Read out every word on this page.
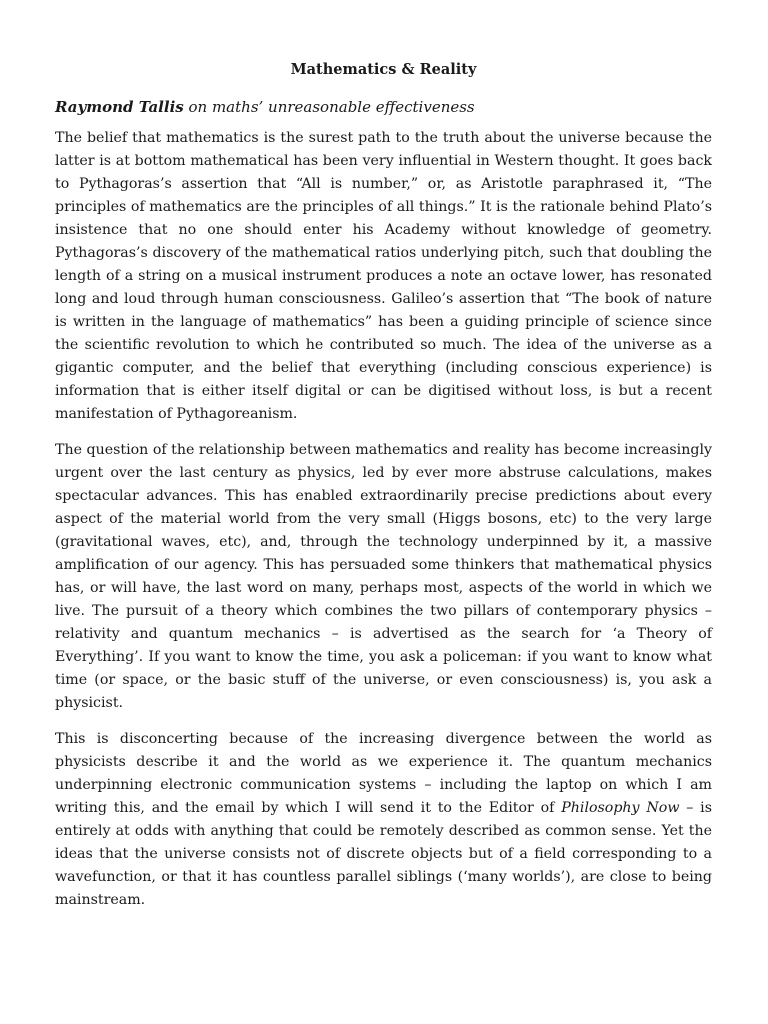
Mathematics & Reality
Raymond Tallis on maths’ unreasonable effectiveness

The belief that mathematics is the surest path to the truth about the universe because the latter is at bottom mathematical has been very influential in Western thought. It goes back to Pythagoras’s assertion that “All is number,” or, as Aristotle paraphrased it, “The principles of mathematics are the principles of all things.” It is the rationale behind Plato’s insistence that no one should enter his Academy without knowledge of geometry. Pythagoras’s discovery of the mathematical ratios underlying pitch, such that doubling the length of a string on a musical instrument produces a note an octave lower, has resonated long and loud through human consciousness. Galileo’s assertion that “The book of nature is written in the language of mathematics” has been a guiding principle of science since the scientific revolution to which he contributed so much. The idea of the universe as a gigantic computer, and the belief that everything (including conscious experience) is information that is either itself digital or can be digitised without loss, is but a recent manifestation of Pythagoreanism.

The question of the relationship between mathematics and reality has become increasingly urgent over the last century as physics, led by ever more abstruse calculations, makes spectacular advances. This has enabled extraordinarily precise predictions about every aspect of the material world from the very small (Higgs bosons, etc) to the very large (gravitational waves, etc), and, through the technology underpinned by it, a massive amplification of our agency. This has persuaded some thinkers that mathematical physics has, or will have, the last word on many, perhaps most, aspects of the world in which we live. The pursuit of a theory which combines the two pillars of contemporary physics – relativity and quantum mechanics – is advertised as the search for ‘a Theory of Everything’. If you want to know the time, you ask a policeman: if you want to know what time (or space, or the basic stuff of the universe, or even consciousness) is, you ask a physicist.

This is disconcerting because of the increasing divergence between the world as physicists describe it and the world as we experience it. The quantum mechanics underpinning electronic communication systems – including the laptop on which I am writing this, and the email by which I will send it to the Editor of Philosophy Now – is entirely at odds with anything that could be remotely described as common sense. Yet the ideas that the universe consists not of discrete objects but of a field corresponding to a wavefunction, or that it has countless parallel siblings (‘many worlds’), are close to being mainstream.
